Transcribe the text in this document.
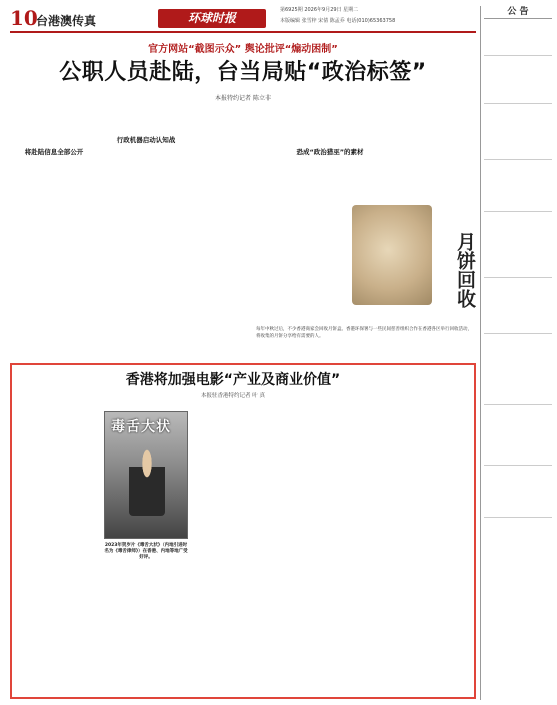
10
台港澳传真	环球时报
第6925期 2026年9月29日 星期二
本版编辑 张雪梓 宋倩 陈孟乔 电话(010)65363758
公 告

官方网站“截图示众” 舆论批评“煽动困制”
公职人员赴陆，台当局贴“政治标签”
本报特约记者 陈立非
将赴陆信息全部公开
行政机器启动认知战
恐成“政治猎巫”的素材
月饼回收
每年中秋过后，不少香港商家会回收月饼盒。香港环保署与一些民间慈善组织合作在香港各区举行回收活动，将收集的月饼分享给有需要的人。
香港将加强电影“产业及商业价值”
本报驻香港特约记者 叶 真
毒舌大状
2023年贺岁片《毒舌大状》（内地引进时名为《毒舌律师》）在香港、内地等地广受好评。
